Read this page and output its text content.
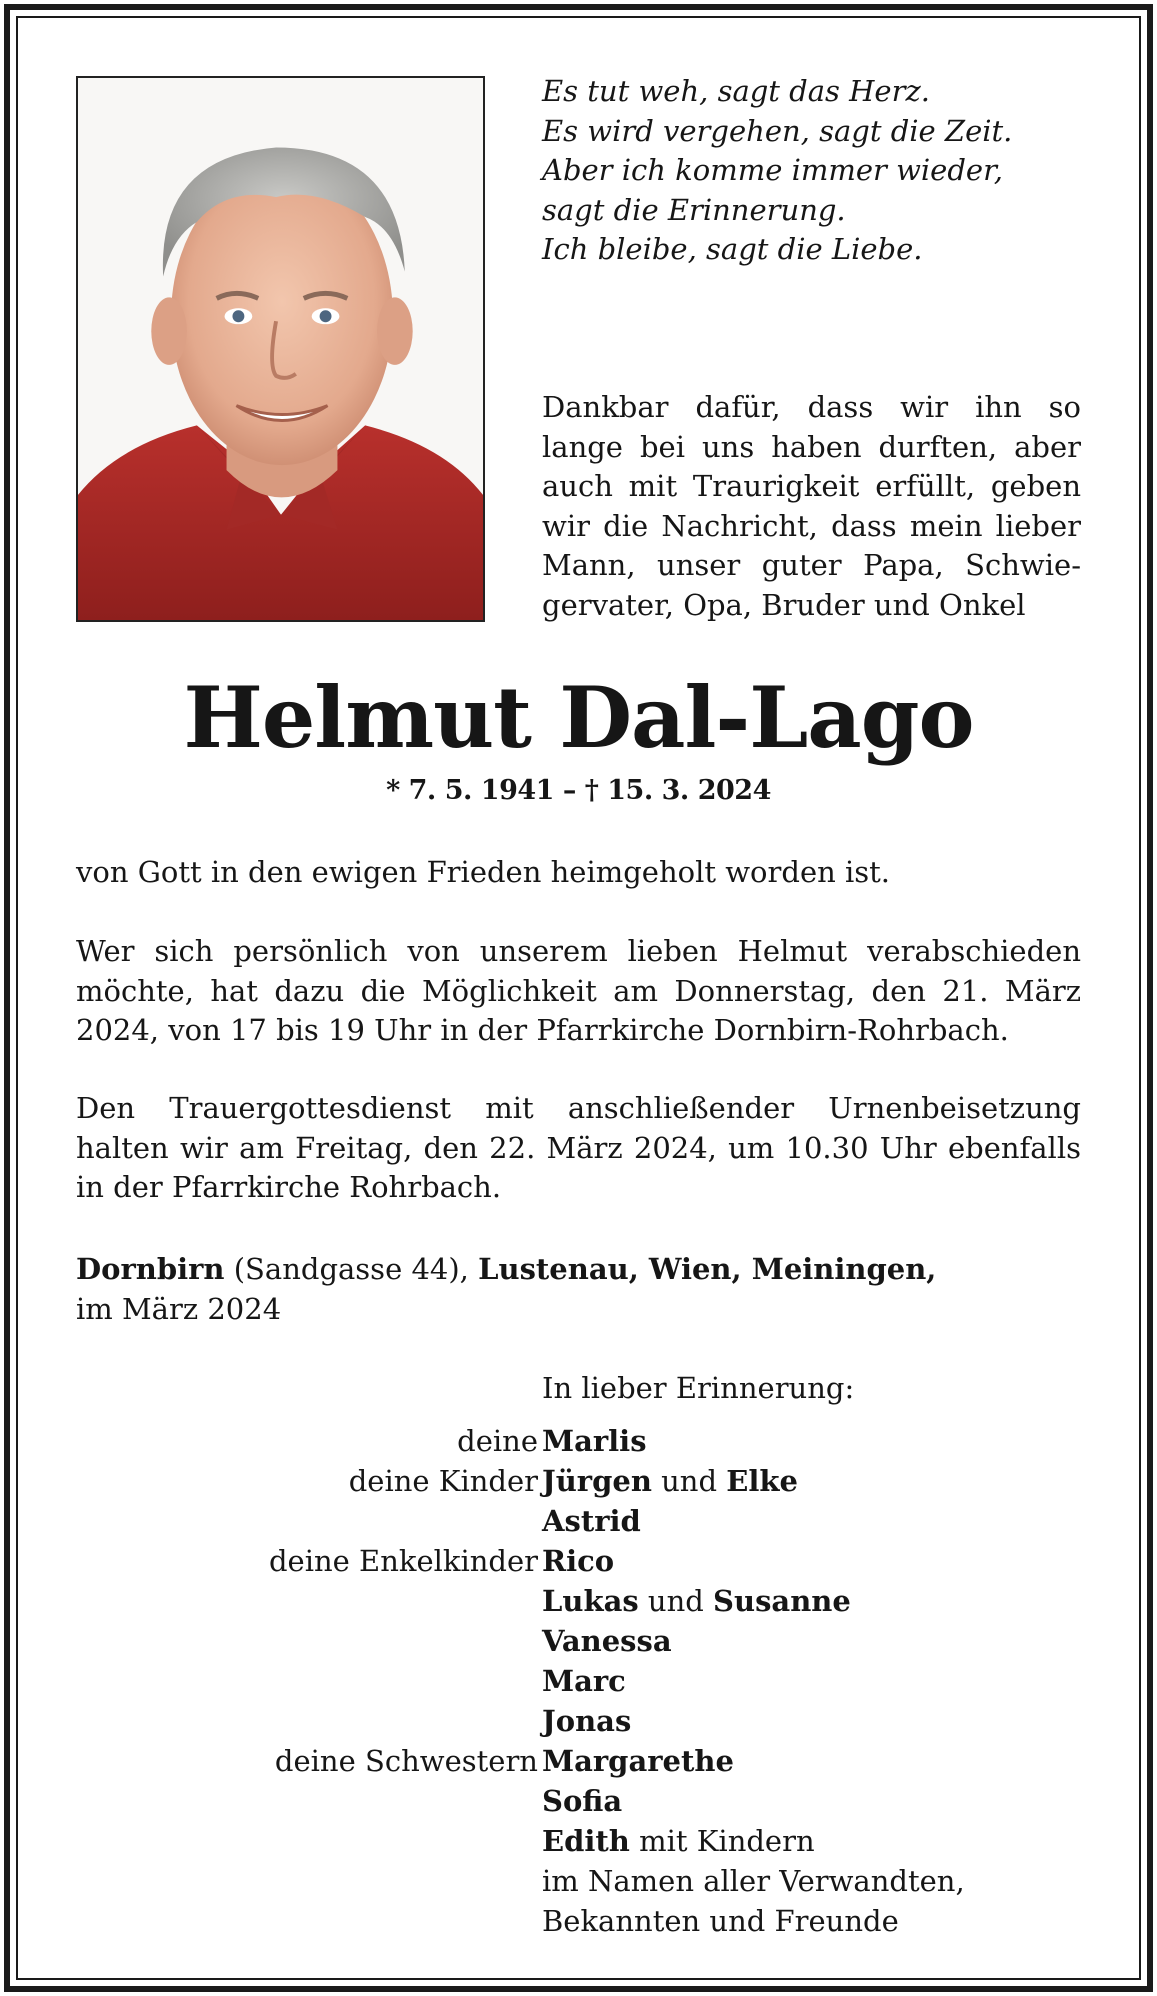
Es tut weh, sagt das Herz.
Es wird vergehen, sagt die Zeit.
Aber ich komme immer wieder,
sagt die Erinnerung.
Ich bleibe, sagt die Liebe.
Dankbar dafür, dass wir ihn so
lange bei uns haben durften, aber
auch mit Traurigkeit erfüllt, geben
wir die Nachricht, dass mein lieber
Mann, unser guter Papa, Schwie-
gervater, Opa, Bruder und Onkel
Helmut Dal-Lago
* 7. 5. 1941 – † 15. 3. 2024
von Gott in den ewigen Frieden heimgeholt worden ist.
Wer sich persönlich von unserem lieben Helmut verabschieden
möchte, hat dazu die Möglichkeit am Donnerstag, den 21. März
2024, von 17 bis 19 Uhr in der Pfarrkirche Dornbirn-Rohrbach.
Den Trauergottesdienst mit anschließender Urnenbeisetzung
halten wir am Freitag, den 22. März 2024, um 10.30 Uhr ebenfalls
in der Pfarrkirche Rohrbach.
Dornbirn (Sandgasse 44), Lustenau, Wien, Meiningen,
im März 2024
In lieber Erinnerung:
deine Marlis
deine Kinder Jürgen und Elke
Astrid
deine Enkelkinder Rico
Lukas und Susanne
Vanessa
Marc
Jonas
deine Schwestern Margarethe
Sofia
Edith mit Kindern
im Namen aller Verwandten,
Bekannten und Freunde
